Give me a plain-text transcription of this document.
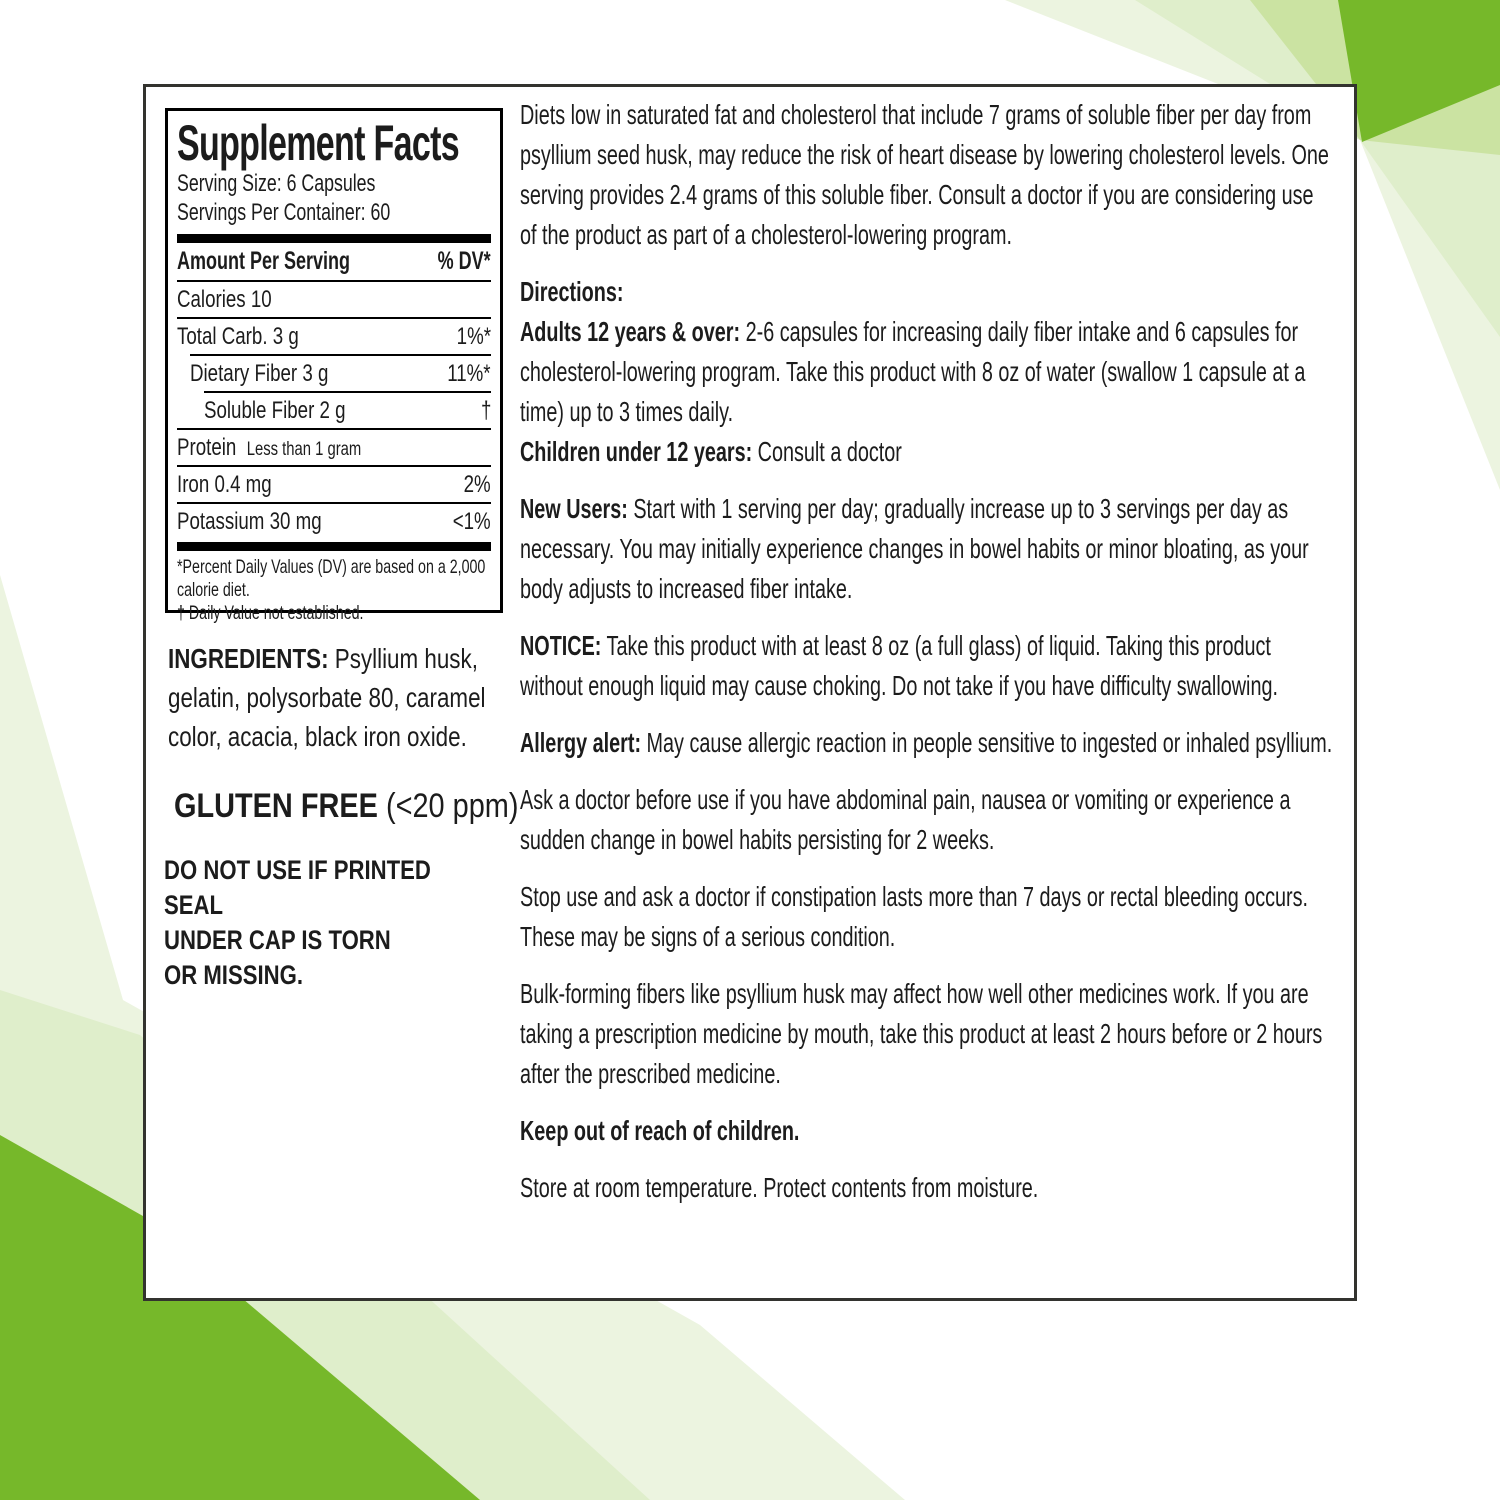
Supplement Facts
Serving Size: 6 Capsules
Servings Per Container: 60
Amount Per Serving	% DV*
Calories 10
Total Carb. 3 g	1%*
Dietary Fiber 3 g	11%*
Soluble Fiber 2 g	†
Protein Less than 1 gram
Iron 0.4 mg	2%
Potassium 30 mg	<1%
*Percent Daily Values (DV) are based on a 2,000 calorie diet.
† Daily Value not established.
INGREDIENTS: Psyllium husk, gelatin, polysorbate 80, caramel color, acacia, black iron oxide.
GLUTEN FREE (<20 ppm)
DO NOT USE IF PRINTED SEAL
UNDER CAP IS TORN
OR MISSING.
Diets low in saturated fat and cholesterol that include 7 grams of soluble fiber per day from psyllium seed husk, may reduce the risk of heart disease by lowering cholesterol levels. One serving provides 2.4 grams of this soluble fiber. Consult a doctor if you are considering use of the product as part of a cholesterol-lowering program.
Directions:
Adults 12 years & over: 2-6 capsules for increasing daily fiber intake and 6 capsules for cholesterol-lowering program. Take this product with 8 oz of water (swallow 1 capsule at a time) up to 3 times daily.
Children under 12 years: Consult a doctor
New Users: Start with 1 serving per day; gradually increase up to 3 servings per day as necessary. You may initially experience changes in bowel habits or minor bloating, as your body adjusts to increased fiber intake.
NOTICE: Take this product with at least 8 oz (a full glass) of liquid. Taking this product without enough liquid may cause choking. Do not take if you have difficulty swallowing.
Allergy alert: May cause allergic reaction in people sensitive to ingested or inhaled psyllium.
Ask a doctor before use if you have abdominal pain, nausea or vomiting or experience a sudden change in bowel habits persisting for 2 weeks.
Stop use and ask a doctor if constipation lasts more than 7 days or rectal bleeding occurs. These may be signs of a serious condition.
Bulk-forming fibers like psyllium husk may affect how well other medicines work. If you are taking a prescription medicine by mouth, take this product at least 2 hours before or 2 hours after the prescribed medicine.
Keep out of reach of children.
Store at room temperature. Protect contents from moisture.
